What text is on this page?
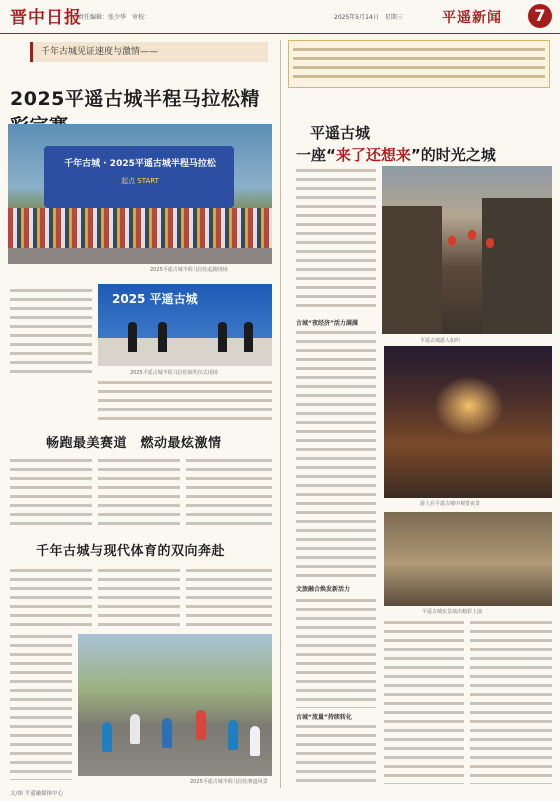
晋中日报
责任编辑：张少华　审校：	2025年5月14日　星期三	平遥新闻	7
千年古城见证速度与激情——
2025平遥古城半程马拉松精
千年古城 · 2025平遥古城半程马拉松
起点 START
2025平遥古城半程马拉松起跑现场
2025 平遥古城
2025平遥古城半程马拉松颁奖仪式现场
畅跑最美赛道　燃动最炫激情
千年古城与现代体育的双向奔赴
2025平遥古城半程马拉松赛道风景
文/图 平遥融媒体中心
平遥古城
一座“来了还想来”的时光之城
古城“夜经济”活力满满
文旅融合焕发新活力
古城“流量”持续转化
平遥古城游人如织
游人在平遥古城中观赏夜景
平遥古城实景演出精彩上演
